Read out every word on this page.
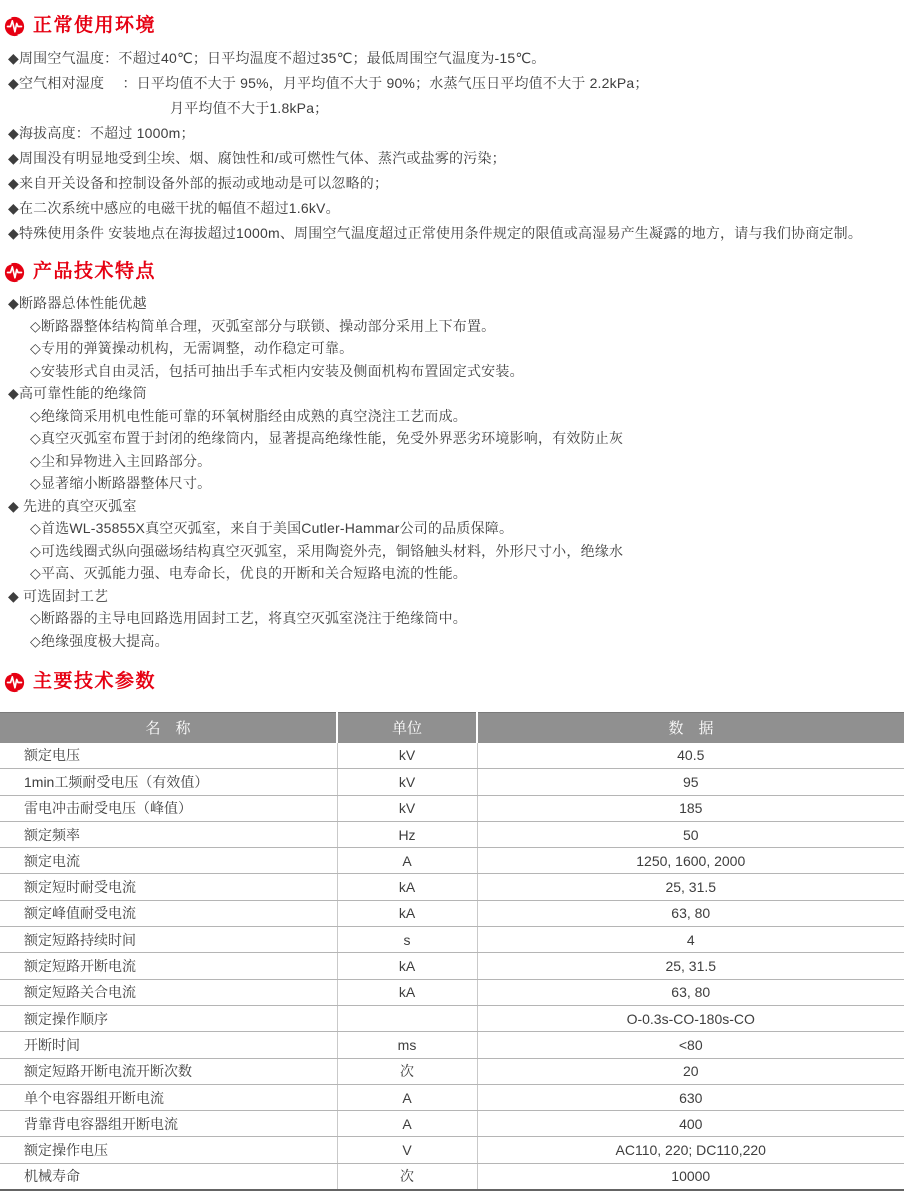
正常使用环境
◆周围空气温度：不超过40℃；日平均温度不超过35℃；最低周围空气温度为-15℃。
◆空气相对湿度　 ：日平均值不大于 95%，月平均值不大于 90%；水蒸气压日平均值不大于 2.2kPa；
月平均值不大于1.8kPa；
◆海拔高度：不超过 1000m；
◆周围没有明显地受到尘埃、烟、腐蚀性和/或可燃性气体、蒸汽或盐雾的污染；
◆来自开关设备和控制设备外部的振动或地动是可以忽略的；
◆在二次系统中感应的电磁干扰的幅值不超过1.6kV。
◆特殊使用条件 安装地点在海拔超过1000m、周围空气温度超过正常使用条件规定的限值或高湿易产生凝露的地方，请与我们协商定制。
产品技术特点
◆断路器总体性能优越
◇断路器整体结构简单合理，灭弧室部分与联锁、操动部分采用上下布置。
◇专用的弹簧操动机构，无需调整，动作稳定可靠。
◇安装形式自由灵活，包括可抽出手车式柜内安装及侧面机构布置固定式安装。
◆高可靠性能的绝缘筒
◇绝缘筒采用机电性能可靠的环氧树脂经由成熟的真空浇注工艺而成。
◇真空灭弧室布置于封闭的绝缘筒内，显著提高绝缘性能，免受外界恶劣环境影响，有效防止灰
◇尘和异物进入主回路部分。
◇显著缩小断路器整体尺寸。
◆ 先进的真空灭弧室
◇首选WL-35855X真空灭弧室，来自于美国Cutler-Hammar公司的品质保障。
◇可选线圈式纵向强磁场结构真空灭弧室，采用陶瓷外壳，铜铬触头材料，外形尺寸小，绝缘水
◇平高、灭弧能力强、电寿命长，优良的开断和关合短路电流的性能。
◆ 可选固封工艺
◇断路器的主导电回路选用固封工艺，将真空灭弧室浇注于绝缘筒中。
◇绝缘强度极大提高。
主要技术参数
名　称	单位	数　据
额定电压	kV	40.5
1min工频耐受电压（有效值）	kV	95
雷电冲击耐受电压（峰值）	kV	185
额定频率	Hz	50
额定电流	A	1250, 1600, 2000
额定短时耐受电流	kA	25, 31.5
额定峰值耐受电流	kA	63, 80
额定短路持续时间	s	4
额定短路开断电流	kA	25, 31.5
额定短路关合电流	kA	63, 80
额定操作顺序		O-0.3s-CO-180s-CO
开断时间	ms	<80
额定短路开断电流开断次数	次	20
单个电容器组开断电流	A	630
背靠背电容器组开断电流	A	400
额定操作电压	V	AC110, 220; DC110,220
机械寿命	次	10000
